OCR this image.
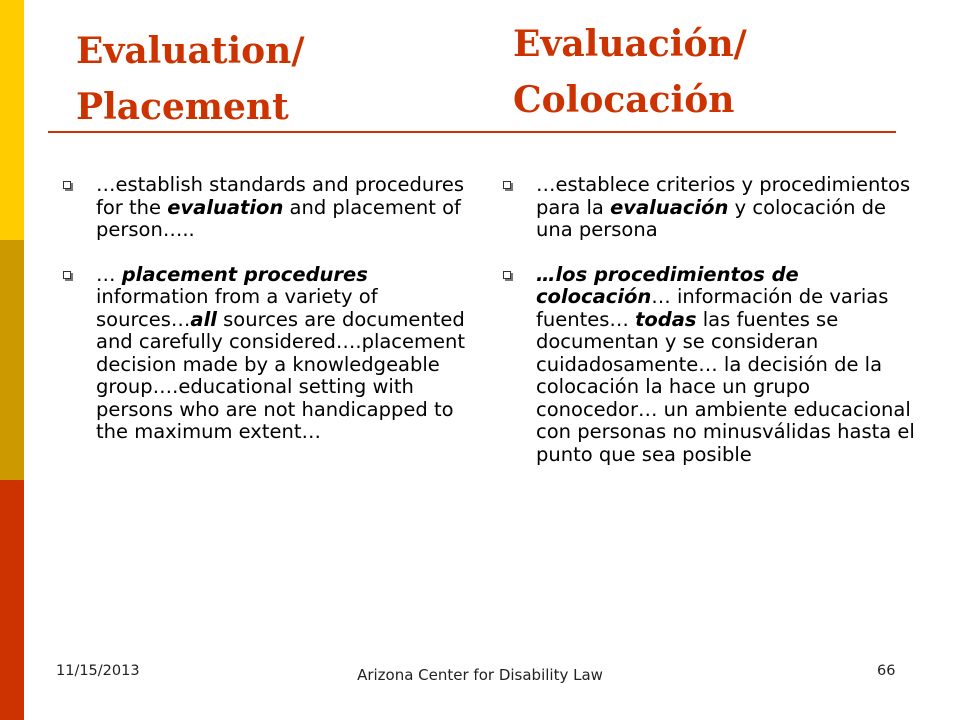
Evaluation/
Placement
Evaluación/
Colocación

…establish standards and procedures for the evaluation and placement of person…..

… placement procedures information from a variety of sources…all sources are documented and carefully considered….placement decision made by a knowledgeable group….educational setting with persons who are not handicapped to the maximum extent…

…establece criterios y procedimientos para la evaluación y colocación de una persona

…los procedimientos de colocación… información de varias fuentes… todas las fuentes se documentan y se consideran cuidadosamente… la decisión de la colocación la hace un grupo conocedor… un ambiente educacional con personas no minusválidas hasta el punto que sea posible

11/15/2013	Arizona Center for Disability Law	66
